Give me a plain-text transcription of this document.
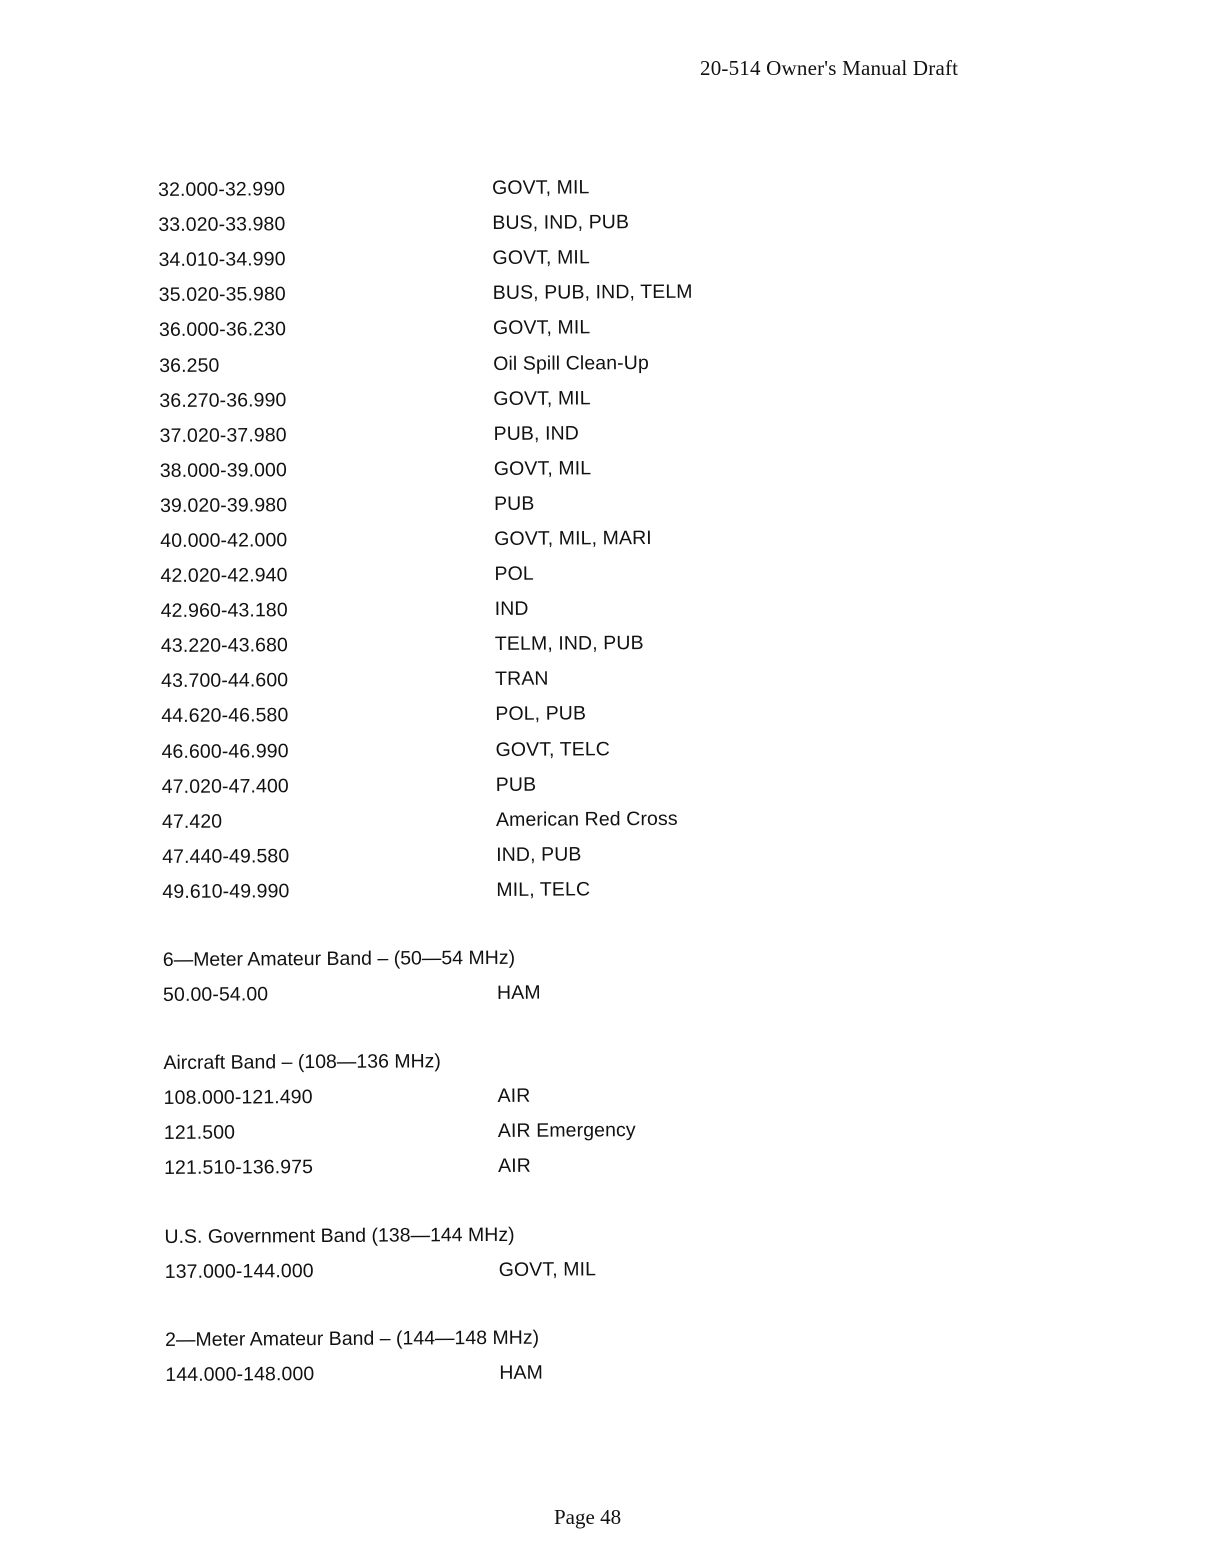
20-514 Owner's Manual Draft
32.000-32.990	GOVT, MIL
33.020-33.980	BUS, IND, PUB
34.010-34.990	GOVT, MIL
35.020-35.980	BUS, PUB, IND, TELM
36.000-36.230	GOVT, MIL
36.250	Oil Spill Clean-Up
36.270-36.990	GOVT, MIL
37.020-37.980	PUB, IND
38.000-39.000	GOVT, MIL
39.020-39.980	PUB
40.000-42.000	GOVT, MIL, MARI
42.020-42.940	POL
42.960-43.180	IND
43.220-43.680	TELM, IND, PUB
43.700-44.600	TRAN
44.620-46.580	POL, PUB
46.600-46.990	GOVT, TELC
47.020-47.400	PUB
47.420	American Red Cross
47.440-49.580	IND, PUB
49.610-49.990	MIL, TELC
6—Meter Amateur Band – (50—54 MHz)
50.00-54.00	HAM
Aircraft Band – (108—136 MHz)
108.000-121.490	AIR
121.500	AIR Emergency
121.510-136.975	AIR
U.S. Government Band (138—144 MHz)
137.000-144.000	GOVT, MIL
2—Meter Amateur Band – (144—148 MHz)
144.000-148.000	HAM
Page 48
